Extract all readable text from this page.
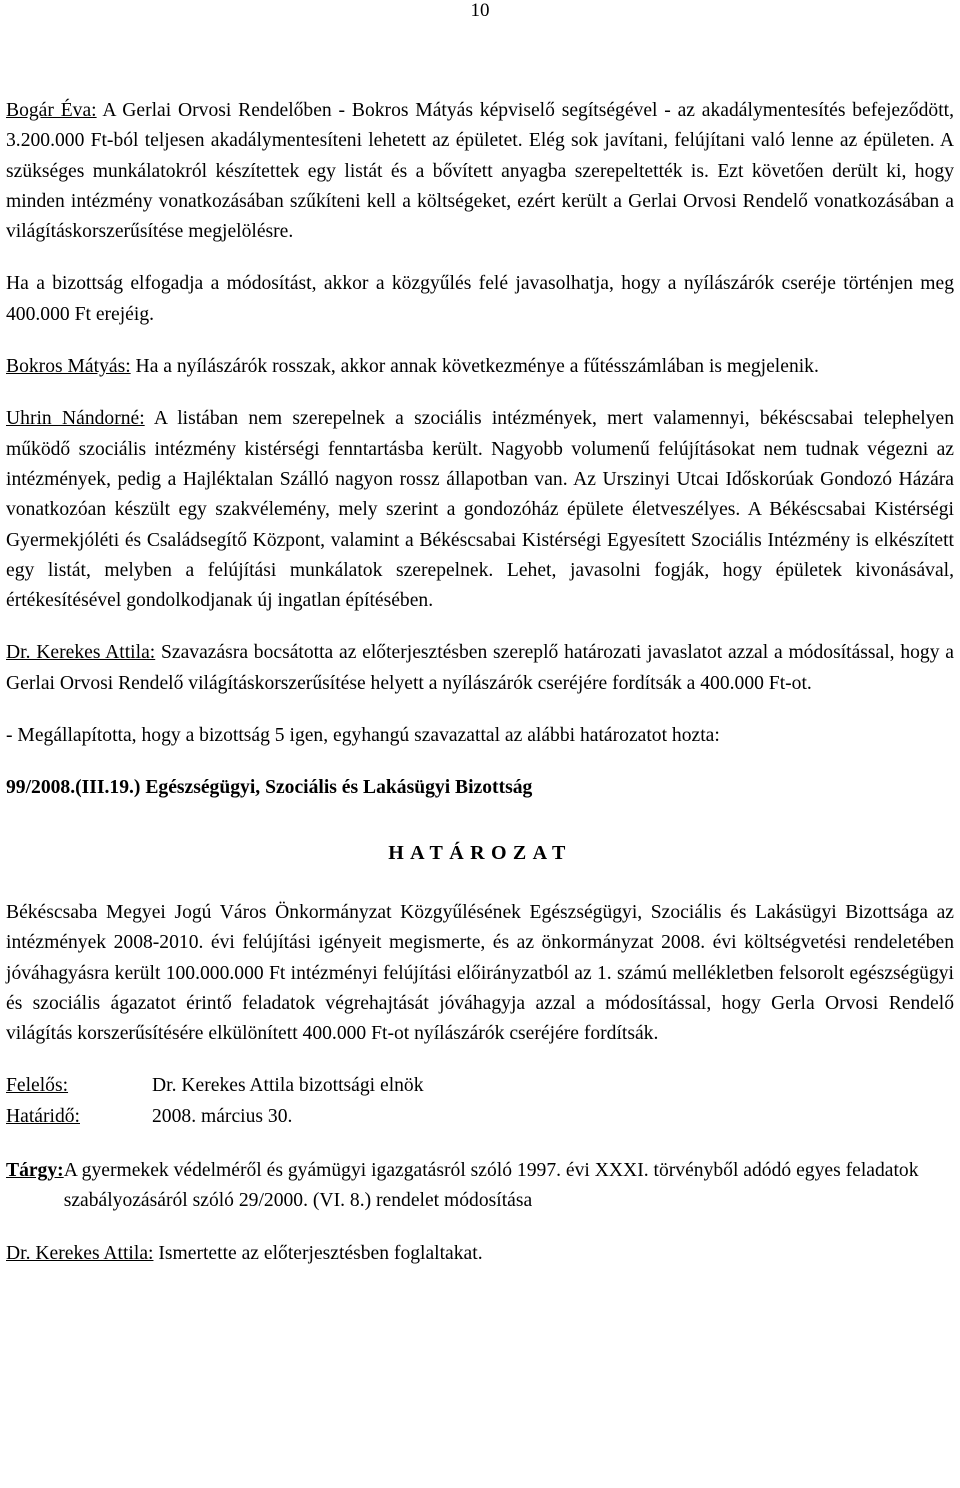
10

Bogár Éva: A Gerlai Orvosi Rendelőben - Bokros Mátyás képviselő segítségével - az akadálymentesítés befejeződött, 3.200.000 Ft-ból teljesen akadálymentesíteni lehetett az épületet. Elég sok javítani, felújítani való lenne az épületen. A szükséges munkálatokról készítettek egy listát és a bővített anyagba szerepeltették is. Ezt követően derült ki, hogy minden intézmény vonatkozásában szűkíteni kell a költségeket, ezért került a Gerlai Orvosi Rendelő vonatkozásában a világításkorszerűsítése megjelölésre.

Ha a bizottság elfogadja a módosítást, akkor a közgyűlés felé javasolhatja, hogy a nyílászárók cseréje történjen meg 400.000 Ft erejéig.

Bokros Mátyás: Ha a nyílászárók rosszak, akkor annak következménye a fűtésszámlában is megjelenik.

Uhrin Nándorné: A listában nem szerepelnek a szociális intézmények, mert valamennyi, békéscsabai telephelyen működő szociális intézmény kistérségi fenntartásba került. Nagyobb volumenű felújításokat nem tudnak végezni az intézmények, pedig a Hajléktalan Szálló nagyon rossz állapotban van. Az Urszinyi Utcai Időskorúak Gondozó Házára vonatkozóan készült egy szakvélemény, mely szerint a gondozóház épülete életveszélyes. A Békéscsabai Kistérségi Gyermekjóléti és Családsegítő Központ, valamint a Békéscsabai Kistérségi Egyesített Szociális Intézmény is elkészített egy listát, melyben a felújítási munkálatok szerepelnek. Lehet, javasolni fogják, hogy épületek kivonásával, értékesítésével gondolkodjanak új ingatlan építésében.

Dr. Kerekes Attila: Szavazásra bocsátotta az előterjesztésben szereplő határozati javaslatot azzal a módosítással, hogy a Gerlai Orvosi Rendelő világításkorszerűsítése helyett a nyílászárók cseréjére fordítsák a 400.000 Ft-ot.

- Megállapította, hogy a bizottság 5 igen, egyhangú szavazattal az alábbi határozatot hozta:

99/2008.(III.19.) Egészségügyi, Szociális és Lakásügyi Bizottság

HATÁROZAT

Békéscsaba Megyei Jogú Város Önkormányzat Közgyűlésének Egészségügyi, Szociális és Lakásügyi Bizottsága az intézmények 2008-2010. évi felújítási igényeit megismerte, és az önkormányzat 2008. évi költségvetési rendeletében jóváhagyásra került 100.000.000 Ft intézményi felújítási előirányzatból az 1. számú mellékletben felsorolt egészségügyi és szociális ágazatot érintő feladatok végrehajtását jóváhagyja azzal a módosítással, hogy Gerla Orvosi Rendelő világítás korszerűsítésére elkülönített 400.000 Ft-ot nyílászárók cseréjére fordítsák.

Felelős:	Dr. Kerekes Attila bizottsági elnök
Határidő:	2008. március 30.
Tárgy: A gyermekek védelméről és gyámügyi igazgatásról szóló 1997. évi XXXI. törvényből adódó egyes feladatok szabályozásáról szóló 29/2000. (VI. 8.) rendelet módosítása

Dr. Kerekes Attila: Ismertette az előterjesztésben foglaltakat.
